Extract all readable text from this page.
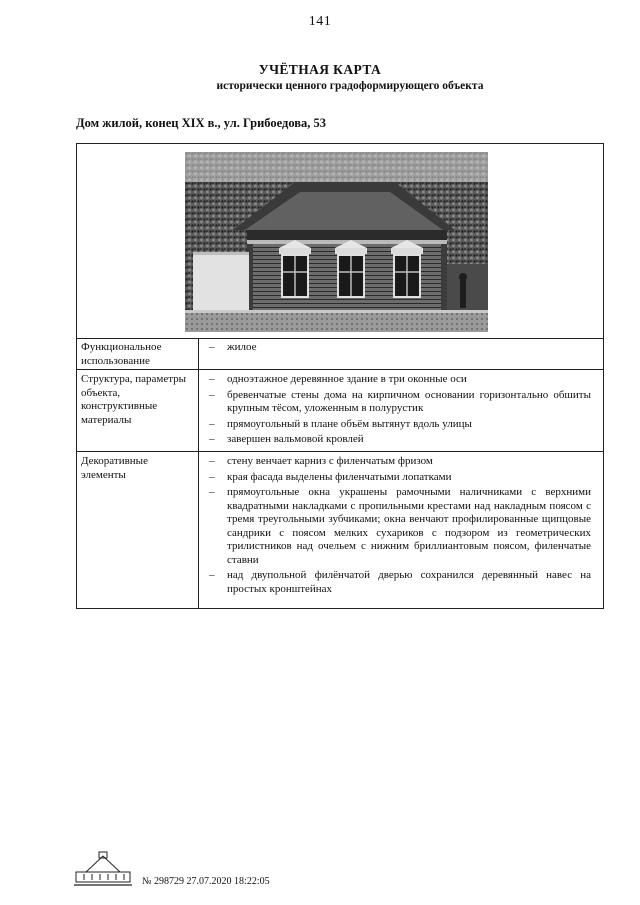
141
УЧЁТНАЯ КАРТА
исторически ценного градоформирующего объекта
Дом жилой, конец XIX в., ул. Грибоедова, 53
Функциональное использование
– жилое
Структура, параметры объекта, конструктивные материалы
– одноэтажное деревянное здание в три оконные оси
– бревенчатые стены дома на кирпичном основании горизонтально обшиты крупным тёсом, уложенным в полурустик
– прямоугольный в плане объём вытянут вдоль улицы
– завершен вальмовой кровлей
Декоративные элементы
– стену венчает карниз с филенчатым фризом
– края фасада выделены филенчатыми лопатками
– прямоугольные окна украшены рамочными наличниками с верхними квадратными накладками с пропильными крестами над накладным поясом с тремя треугольными зубчиками; окна венчают профилированные щипцовые сандрики с поясом мелких сухариков с подзором из геометрических трилистников над очельем с нижним бриллиантовым поясом, филенчатые ставни
– над двупольной филёнчатой дверью сохранился деревянный навес на простых кронштейнах
№ 298729 27.07.2020 18:22:05
